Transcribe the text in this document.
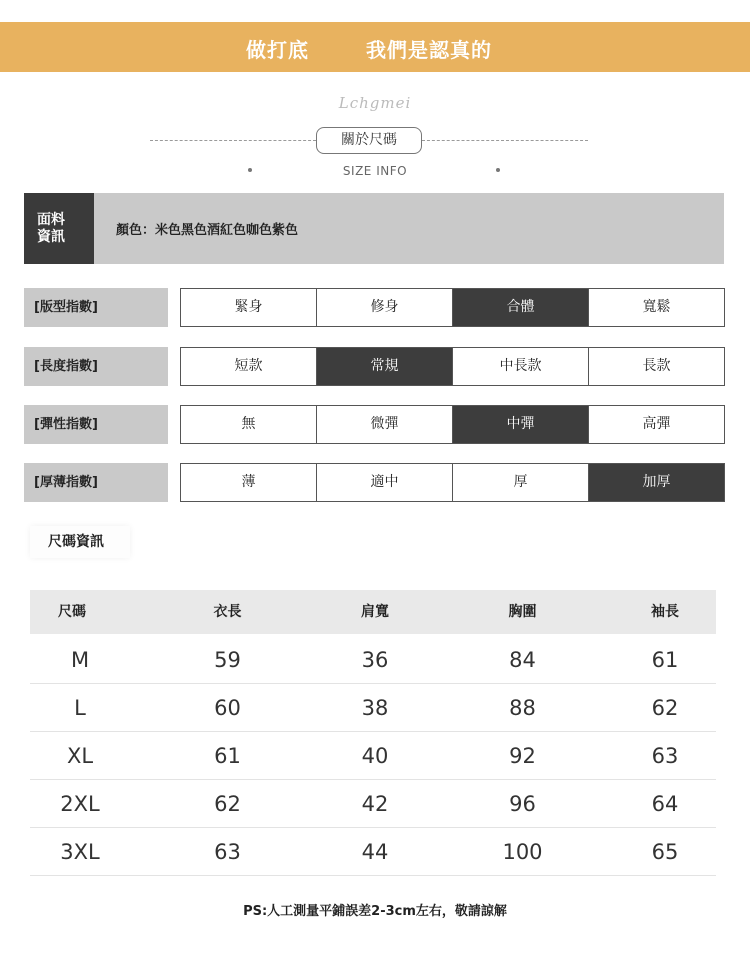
做打底	我們是認真的
Lchgmei
關於尺碼
SIZE INFO
面料
資訊	顏色：米色黑色酒紅色咖色紫色
[版型指數]	緊身	修身	合體	寬鬆
[長度指數]	短款	常規	中長款	長款
[彈性指數]	無	微彈	中彈	高彈
[厚薄指數]	薄	適中	厚	加厚
尺碼資訊
尺碼	衣長	肩寬	胸圍	袖長
M	59	36	84	61
L	60	38	88	62
XL	61	40	92	63
2XL	62	42	96	64
3XL	63	44	100	65
PS:人工測量平鋪誤差2-3cm左右，敬請諒解
